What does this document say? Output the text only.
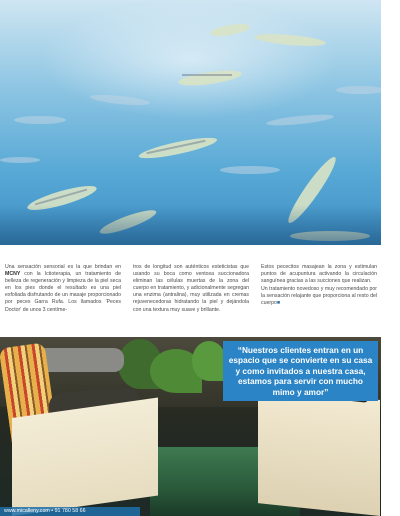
Una sensación sensorial es la que brindan en MCNY con la Ictioterapia, un tratamiento de belleza de regeneración y limpieza de la piel seca en los pies donde el resultado es una piel exfoliada disfrutando de un masaje proporcionado por peces Garra Rufa. Los llamados 'Peces Doctor' de unos 3 centíme-

tros de longitud son auténticos esteticistas que usando su boca como ventosa succionadora eliminan las células muertas de la zona del cuerpo en tratamiento, y adicionalmente segregan una enzima (antralina), muy utilizada en cremas rejuvenecedoras hidratando la piel y dejándola con una textura muy suave y brillante.

Estos pececitos masajean la zona y estimulan puntos de acupuntura activando la circulación sanguínea gracias a las succiones que realizan.

Un tratamiento novedoso y muy recomendado por la sensación relajante que proporciona al resto del cuerpo■

“Nuestros clientes entran en un espacio que se convierte en su casa y como invitados a nuestra casa, estamos para servir con mucho mimo y amor”
www.micalleny.com • 91 780 58 66
